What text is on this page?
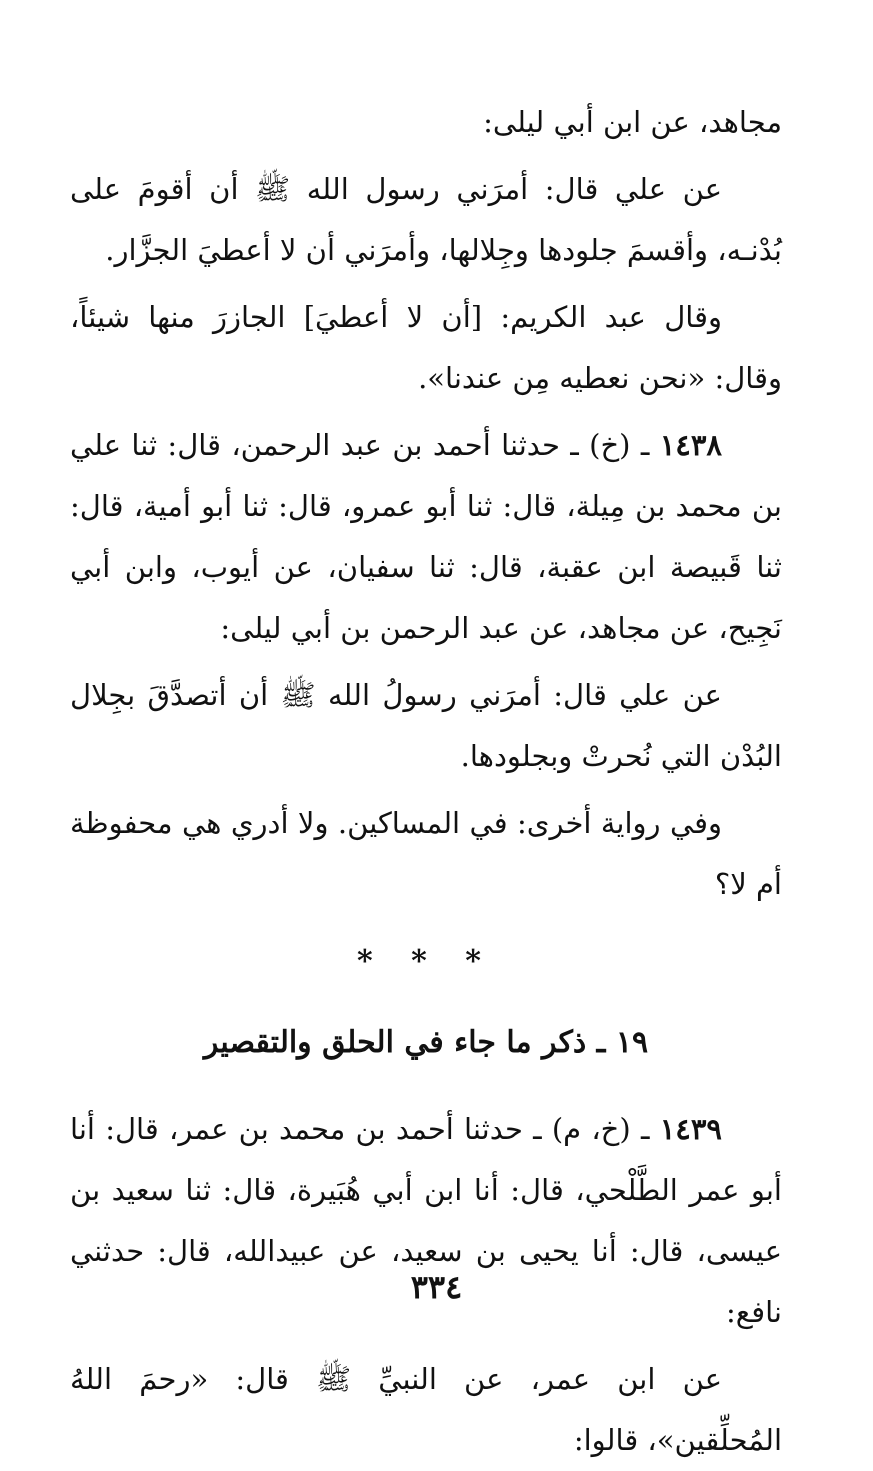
مجاهد، عن ابن أبي ليلى:

عن علي قال: أمرَني رسول الله ﷺ أن أقومَ على بُدْنـه، وأقسمَ جلودها وجِلالها، وأمرَني أن لا أعطيَ الجزَّار.

وقال عبد الكريم: [أن لا أعطيَ] الجازرَ منها شيئاً، وقال: «نحن نعطيه مِن عندنا».

١٤٣٨ ـ (خ) ـ حدثنا أحمد بن عبد الرحمن، قال: ثنا علي بن محمد بن مِيلة، قال: ثنا أبو عمرو، قال: ثنا أبو أمية، قال: ثنا قَبيصة ابن عقبة، قال: ثنا سفيان، عن أيوب، وابن أبي نَجِيح، عن مجاهد، عن عبد الرحمن بن أبي ليلى:

عن علي قال: أمرَني رسولُ الله ﷺ أن أتصدَّقَ بجِلال البُدْن التي نُحرتْ وبجلودها.

وفي رواية أخرى: في المساكين. ولا أدري هي محفوظة أم لا؟

* * *
١٩ ـ ذكر ما جاء في الحلق والتقصير

١٤٣٩ ـ (خ، م) ـ حدثنا أحمد بن محمد بن عمر، قال: أنا أبو عمر الطَّلْحي، قال: أنا ابن أبي هُبَيرة، قال: ثنا سعيد بن عيسى، قال: أنا يحيى بن سعيد، عن عبيدالله، قال: حدثني نافع:

عن ابن عمر، عن النبيِّ ﷺ قال: «رحمَ اللهُ المُحلِّقين»، قالوا:

٣٣٤
